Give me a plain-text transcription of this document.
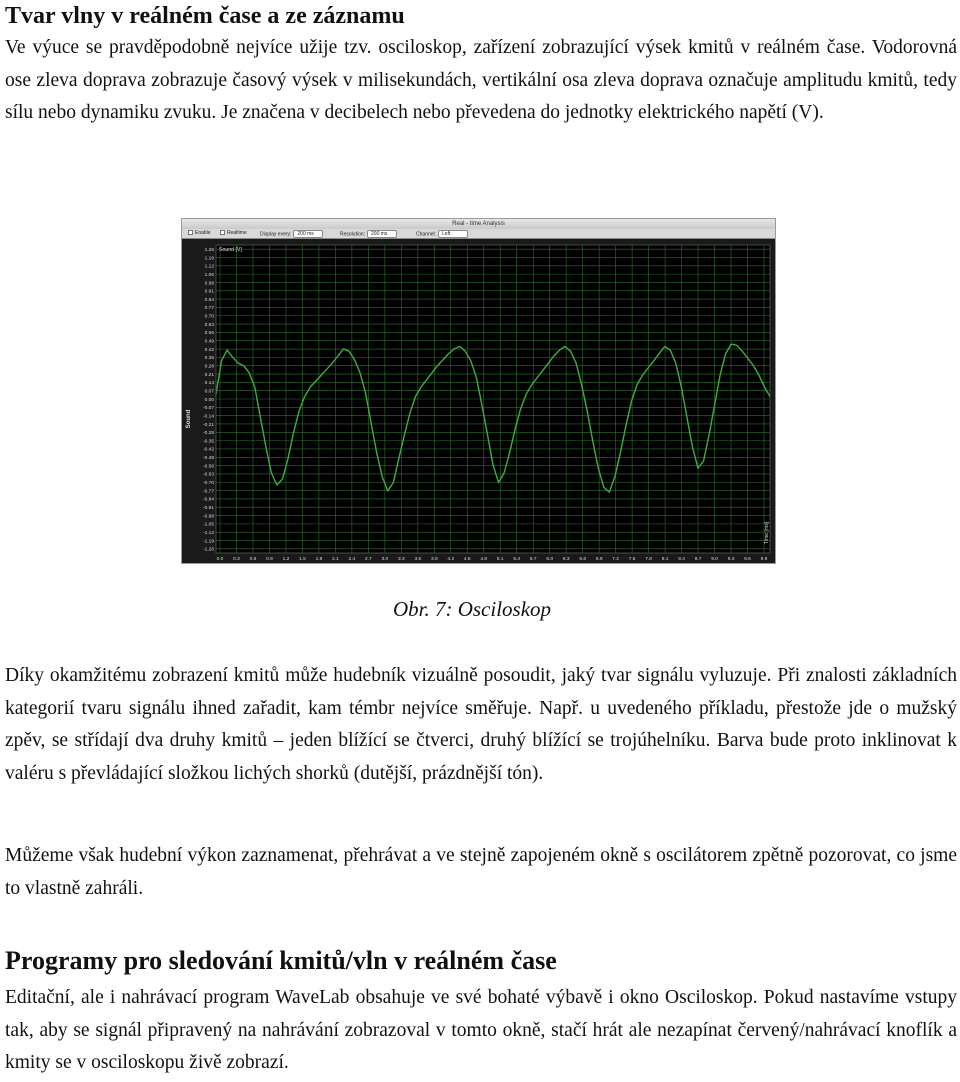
Tvar vlny v reálném čase a ze záznamu

Ve výuce se pravděpodobně nejvíce užije tzv. osciloskop, zařízení zobrazující výsek kmitů v reálném čase. Vodorovná ose zleva doprava zobrazuje časový výsek v milisekundách, vertikální osa zleva doprava označuje amplitudu kmitů, tedy sílu nebo dynamiku zvuku. Je značena v decibelech nebo převedena do jednotky elektrického napětí (V).

Real - time Analysis
Enable	Realtime	Display every: 200 ms	Resolution: 200 ms	Channel: Left
Sound
1.26
1.19
1.12
1.06
0.98
0.91
0.84
0.77
0.70
0.63
0.56
0.49
0.42
0.35
0.28
0.21
0.14
0.07
0.00
-0.07
-0.14
-0.21
-0.28
-0.35
-0.42
-0.49
-0.56
-0.63
-0.70
-0.77
-0.84
-0.91
-0.98
-1.05
-1.12
-1.19
-1.26
0.0 0.3 0.6 0.9 1.2 1.5 1.8 2.1 2.4 2.7 3.0 3.3 3.6 3.9 4.2 4.5 4.8 5.1 5.4 5.7 6.0 6.3 6.6 6.9 7.2 7.5 7.8 8.1 8.4 8.7 9.0 9.3 9.6 9.9
Sound [V]
Time [ms]
Obr. 7: Osciloskop

Díky okamžitému zobrazení kmitů může hudebník vizuálně posoudit, jaký tvar signálu vyluzuje. Při znalosti základních kategorií tvaru signálu ihned zařadit, kam témbr nejvíce směřuje. Např. u uvedeného příkladu, přestože jde o mužský zpěv, se střídají dva druhy kmitů – jeden blížící se čtverci, druhý blížící se trojúhelníku. Barva bude proto inklinovat k valéru s převládající složkou lichých shorků (dutější, prázdnější tón).

Můžeme však hudební výkon zaznamenat, přehrávat a ve stejně zapojeném okně s oscilátorem zpětně pozorovat, co jsme to vlastně zahráli.

Programy pro sledování kmitů/vln v reálném čase

Editační, ale i nahrávací program WaveLab obsahuje ve své bohaté výbavě i okno Osciloskop. Pokud nastavíme vstupy tak, aby se signál připravený na nahrávání zobrazoval v tomto okně, stačí hrát ale nezapínat červený/nahrávací knoflík a kmity se v osciloskopu živě zobrazí.
